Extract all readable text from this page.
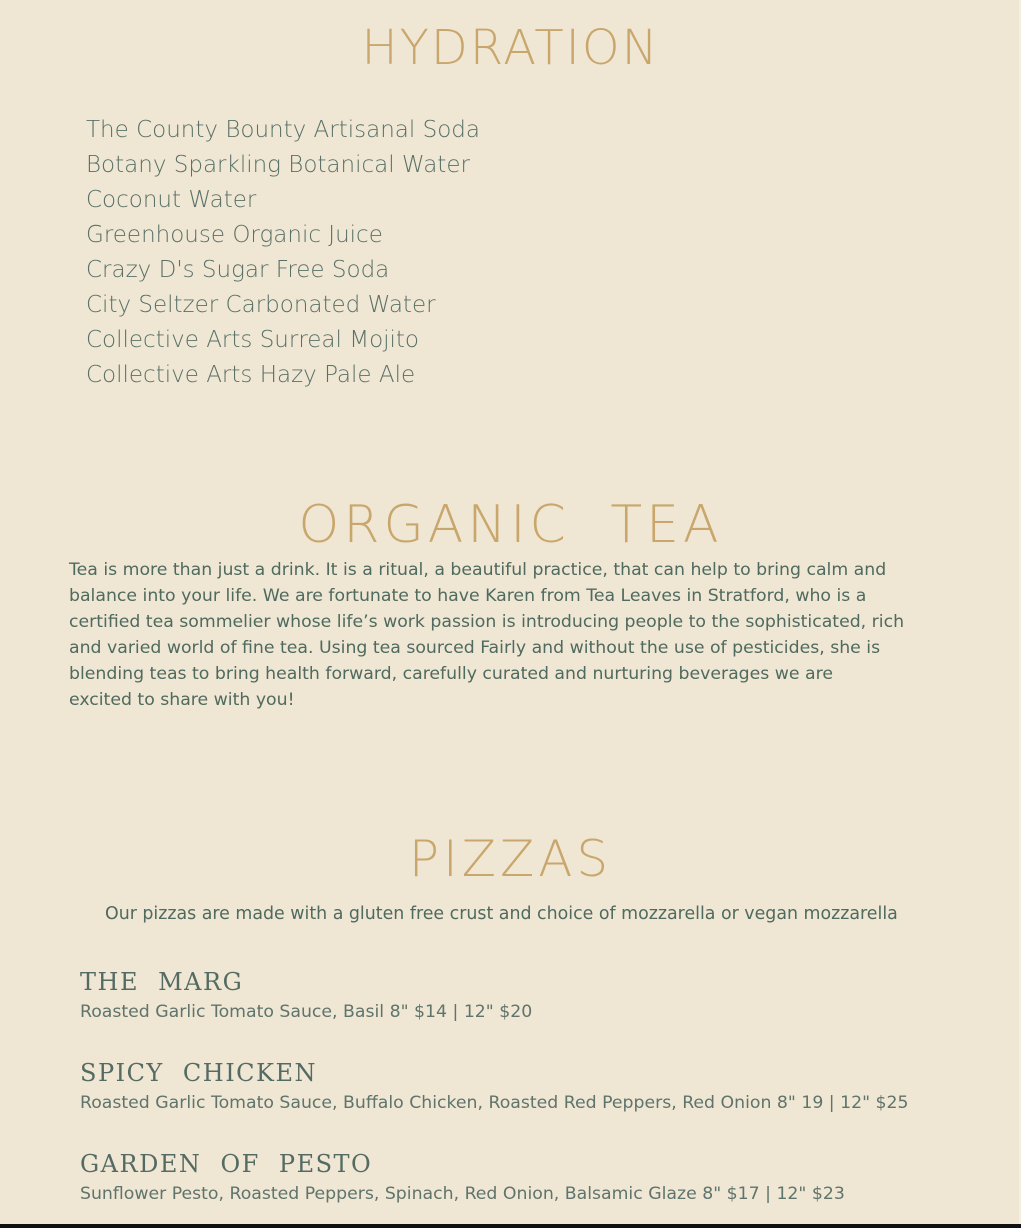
HYDRATION
The County Bounty Artisanal Soda
Botany Sparkling Botanical Water
Coconut Water
Greenhouse Organic Juice
Crazy D's Sugar Free Soda
City Seltzer Carbonated Water
Collective Arts Surreal Mojito
Collective Arts Hazy Pale Ale
ORGANIC TEA

Tea is more than just a drink. It is a ritual, a beautiful practice, that can help to bring calm and
balance into your life. We are fortunate to have Karen from Tea Leaves in Stratford, who is a
certified tea sommelier whose life’s work passion is introducing people to the sophisticated, rich
and varied world of fine tea. Using tea sourced Fairly and without the use of pesticides, she is
blending teas to bring health forward, carefully curated and nurturing beverages we are
excited to share with you!

PIZZAS

Our pizzas are made with a gluten free crust and choice of mozzarella or vegan mozzarella

THE MARG

Roasted Garlic Tomato Sauce, Basil 8" $14 | 12" $20

SPICY CHICKEN

Roasted Garlic Tomato Sauce, Buffalo Chicken, Roasted Red Peppers, Red Onion 8" 19 | 12" $25

GARDEN OF PESTO

Sunflower Pesto, Roasted Peppers, Spinach, Red Onion, Balsamic Glaze 8" $17 | 12" $23
